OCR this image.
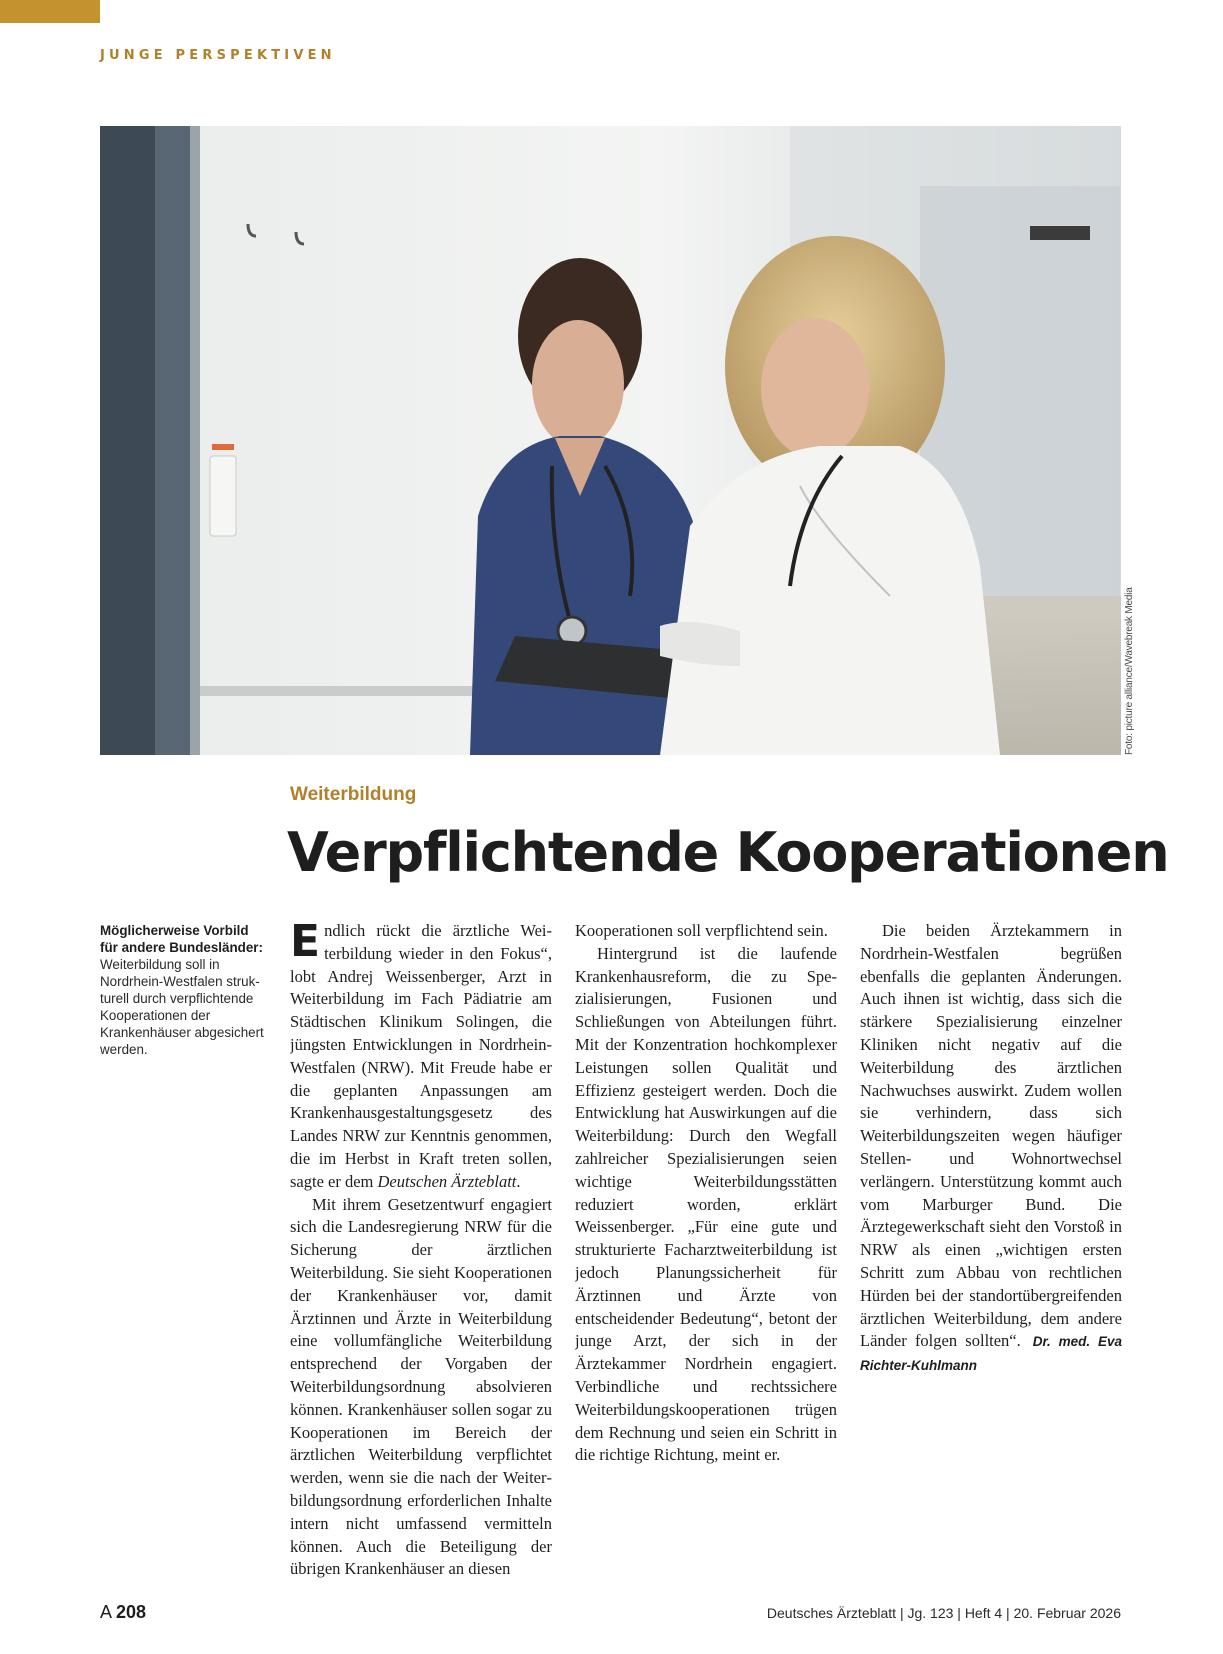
JUNGE PERSPEKTIVEN
Foto: picture alliance/Wavebreak Media
Weiterbildung
Verpflichtende Kooperationen
Möglicherweise Vorbild für andere Bundesländer: Weiterbildung soll in Nordrhein-Westfalen strukturell durch verpflichtende Kooperationen der Krankenhäuser abgesichert werden.

Endlich rückt die ärztliche Weiterbildung wieder in den Fokus“, lobt Andrej Weissenberger, Arzt in Weiterbildung im Fach Pädiatrie am Städtischen Klinikum Solingen, die jüngsten Entwicklungen in Nordrhein-Westfalen (NRW). Mit Freude habe er die geplanten Anpassungen am Krankenhausgestaltungsgesetz des Landes NRW zur Kenntnis genommen, die im Herbst in Kraft treten sollen, sagte er dem Deutschen Ärzteblatt.

Mit ihrem Gesetzentwurf engagiert sich die Landesregierung NRW für die Sicherung der ärztlichen Weiterbildung. Sie sieht Kooperationen der Krankenhäuser vor, damit Ärztinnen und Ärzte in Weiterbildung eine vollumfängliche Weiterbildung entsprechend der Vorgaben der Weiterbildungsordnung absolvieren können. Krankenhäuser sollen sogar zu Kooperationen im Bereich der ärztlichen Weiterbildung verpflichtet werden, wenn sie die nach der Weiterbildungsordnung erforderlichen Inhalte intern nicht umfassend vermitteln können. Auch die Beteiligung der übrigen Krankenhäuser an diesen

Kooperationen soll verpflichtend sein.

Hintergrund ist die laufende Krankenhausreform, die zu Spezialisierungen, Fusionen und Schließungen von Abteilungen führt. Mit der Konzentration hochkomplexer Leistungen sollen Qualität und Effizienz gesteigert werden. Doch die Entwicklung hat Auswirkungen auf die Weiterbildung: Durch den Wegfall zahlreicher Spezialisierungen seien wichtige Weiterbildungsstätten reduziert worden, erklärt Weissenberger. „Für eine gute und strukturierte Facharztweiterbildung ist jedoch Planungssicherheit für Ärztinnen und Ärzte von entscheidender Bedeutung“, betont der junge Arzt, der sich in der Ärztekammer Nordrhein engagiert. Verbindliche und rechtssichere Weiterbildungskooperationen trügen dem Rechnung und seien ein Schritt in die richtige Richtung, meint er.

Die beiden Ärztekammern in Nordrhein-Westfalen begrüßen ebenfalls die geplanten Änderungen. Auch ihnen ist wichtig, dass sich die stärkere Spezialisierung einzelner Kliniken nicht negativ auf die Weiterbildung des ärztlichen Nachwuchses auswirkt. Zudem wollen sie verhindern, dass sich Weiterbildungszeiten wegen häufiger Stellen- und Wohnortwechsel verlängern. Unterstützung kommt auch vom Marburger Bund. Die Ärztegewerkschaft sieht den Vorstoß in NRW als einen „wichtigen ersten Schritt zum Abbau von rechtlichen Hürden bei der standortübergreifenden ärztlichen Weiterbildung, dem andere Länder folgen sollten“. Dr. med. Eva Richter-Kuhlmann

A 208	Deutsches Ärzteblatt | Jg. 123 | Heft 4 | 20. Februar 2026
